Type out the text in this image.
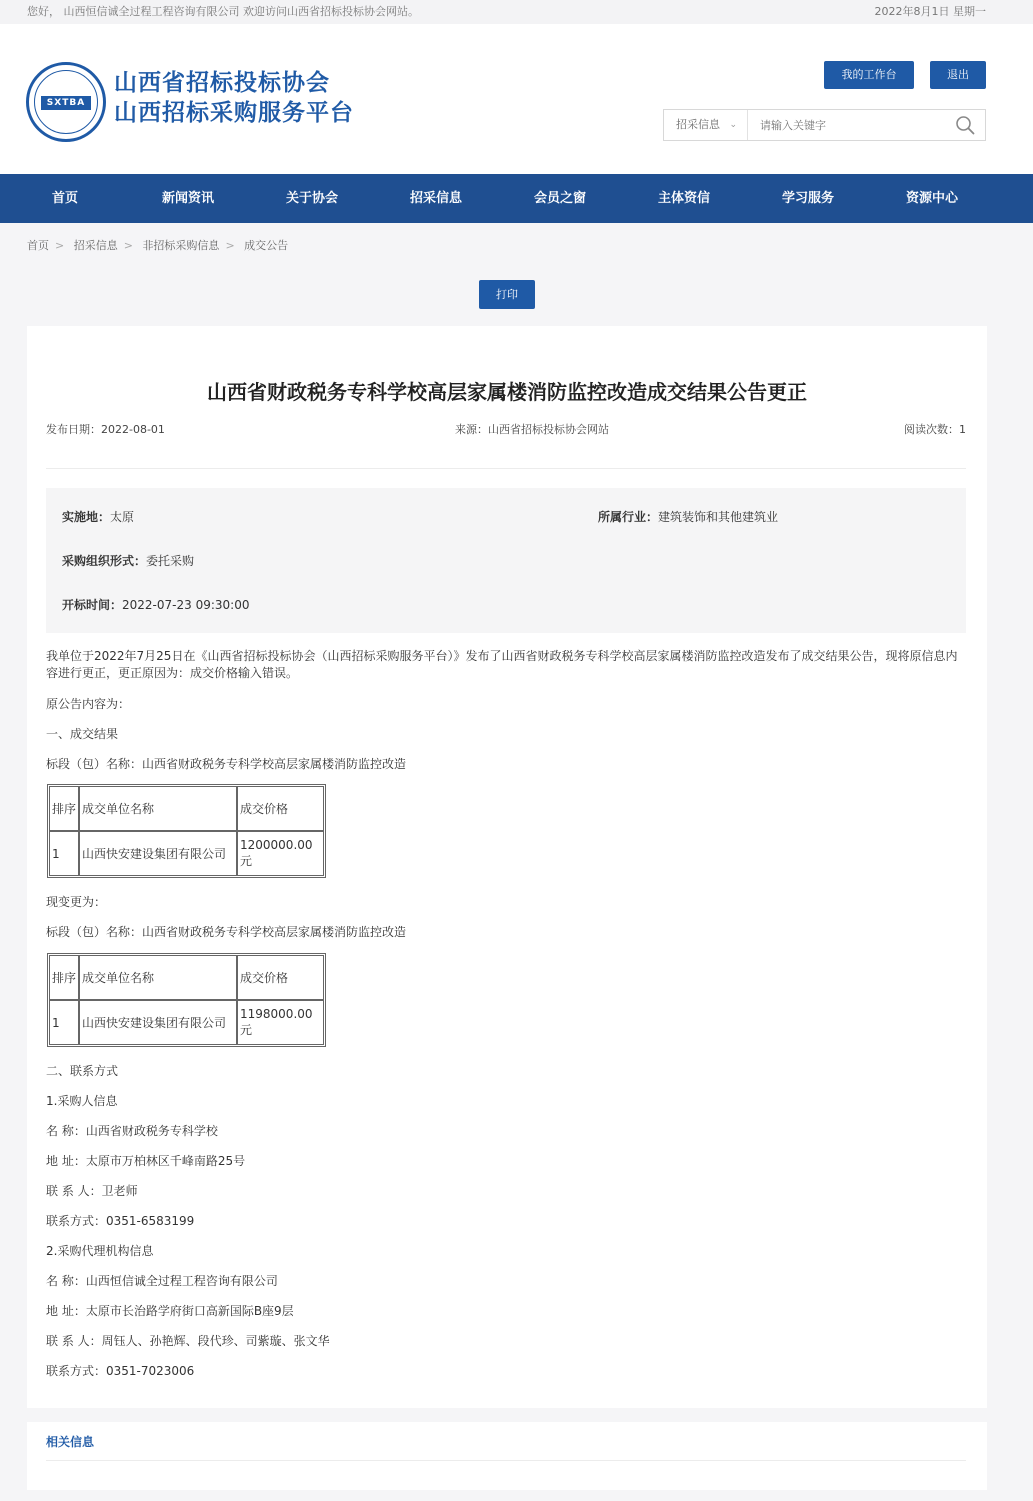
您好， 山西恒信诚全过程工程咨询有限公司 欢迎访问山西省招标投标协会网站。	2022年8月1日 星期一
SXTBA
山西省招标投标协会
山西招标采购服务平台
我的工作台	退出
招采信息 ⌄
请输入关键字
首页	新闻资讯	关于协会	招采信息	会员之窗	主体资信	学习服务	资源中心
首页 > 招采信息 > 非招标采购信息 > 成交公告
打印
山西省财政税务专科学校高层家属楼消防监控改造成交结果公告更正
发布日期：2022-08-01	来源：山西省招标投标协会网站	阅读次数：1
实施地：太原	所属行业：建筑装饰和其他建筑业
采购组织形式：委托采购
开标时间：2022-07-23 09:30:00
我单位于2022年7月25日在《山西省招标投标协会（山西招标采购服务平台）》发布了山西省财政税务专科学校高层家属楼消防监控改造发布了成交结果公告，现将原信息内容进行更正，更正原因为：成交价格输入错误。
原公告内容为：
一、成交结果
标段（包）名称：山西省财政税务专科学校高层家属楼消防监控改造
排序	成交单位名称	成交价格
1	山西快安建设集团有限公司	1200000.00元
现变更为：
标段（包）名称：山西省财政税务专科学校高层家属楼消防监控改造
排序	成交单位名称	成交价格
1	山西快安建设集团有限公司	1198000.00元
二、联系方式
1.采购人信息
名 称：山西省财政税务专科学校
地 址：太原市万柏林区千峰南路25号
联 系 人：卫老师
联系方式：0351-6583199
2.采购代理机构信息
名 称：山西恒信诚全过程工程咨询有限公司
地 址：太原市长治路学府街口高新国际B座9层
联 系 人：周钰人、孙艳辉、段代珍、司紫璇、张文华
联系方式：0351-7023006
相关信息
